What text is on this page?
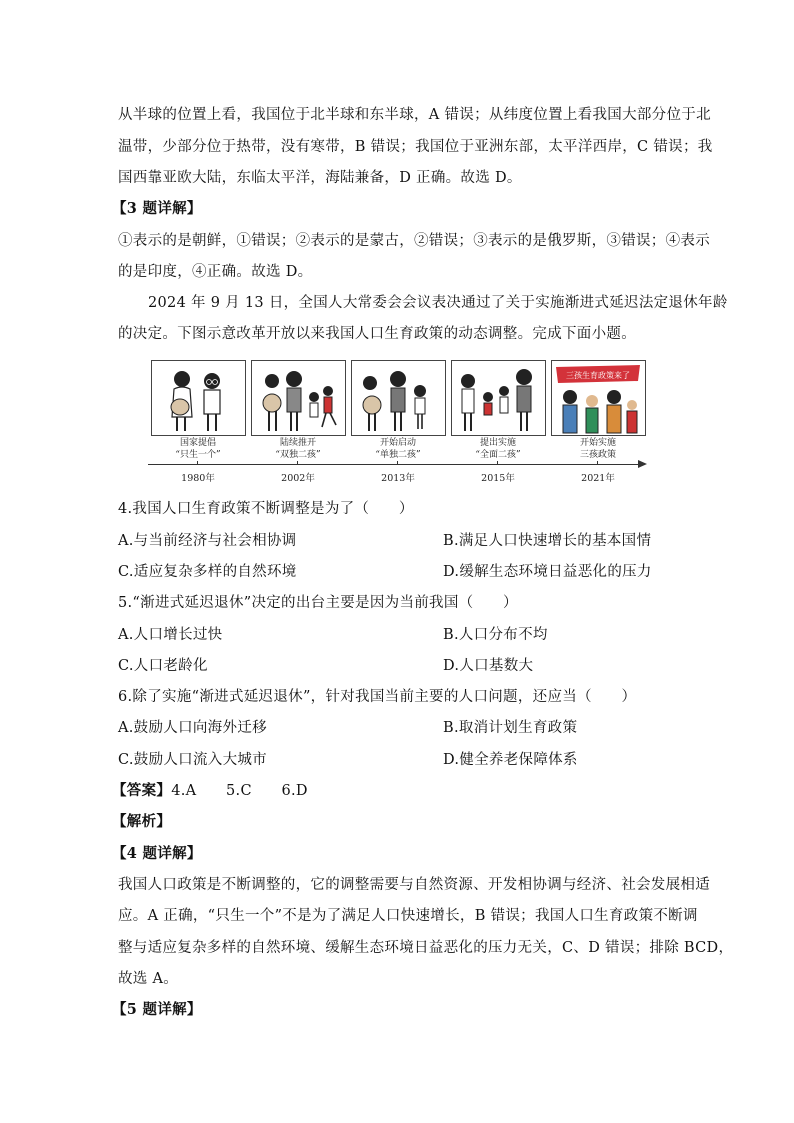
从半球的位置上看，我国位于北半球和东半球，A 错误；从纬度位置上看我国大部分位于北
温带，少部分位于热带，没有寒带，B 错误；我国位于亚洲东部，太平洋西岸，C 错误；我
国西靠亚欧大陆，东临太平洋，海陆兼备，D 正确。故选 D。
【3 题详解】
①表示的是朝鲜，①错误；②表示的是蒙古，②错误；③表示的是俄罗斯，③错误；④表示
的是印度，④正确。故选 D。
2024 年 9 月 13 日，全国人大常委会会议表决通过了关于实施渐进式延迟法定退休年龄
的决定。下图示意改革开放以来我国人口生育政策的动态调整。完成下面小题。
国家提倡
“只生一个”
1980年
陆续推开
“双独二孩”
2002年
开始启动
“单独二孩”
2013年
提出实施
“全面二孩”
2015年
三孩生育政策来了
开始实施
三孩政策
2021年
4.我国人口生育政策不断调整是为了（　　）
A.与当前经济与社会相协调	B.满足人口快速增长的基本国情
C.适应复杂多样的自然环境	D.缓解生态环境日益恶化的压力
5.“渐进式延迟退休”决定的出台主要是因为当前我国（　　）
A.人口增长过快	B.人口分布不均
C.人口老龄化	D.人口基数大
6.除了实施“渐进式延迟退休”，针对我国当前主要的人口问题，还应当（　　）
A.鼓励人口向海外迁移	B.取消计划生育政策
C.鼓励人口流入大城市	D.健全养老保障体系
【答案】4.A　　5.C　　6.D
【解析】
【4 题详解】
我国人口政策是不断调整的，它的调整需要与自然资源、开发相协调与经济、社会发展相适
应。A 正确，“只生一个”不是为了满足人口快速增长，B 错误；我国人口生育政策不断调
整与适应复杂多样的自然环境、缓解生态环境日益恶化的压力无关，C、D 错误；排除 BCD，
故选 A。
【5 题详解】
